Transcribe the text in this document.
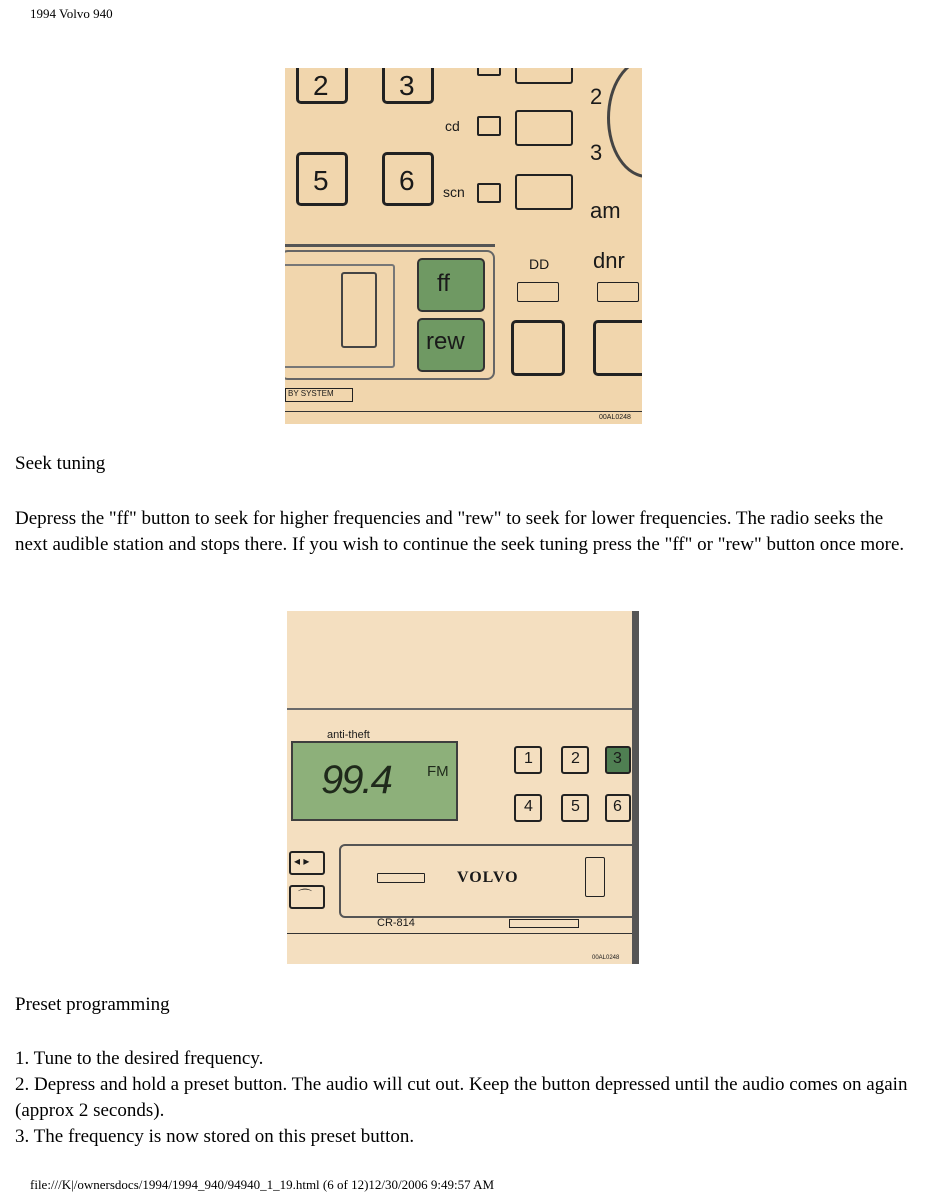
1994 Volvo 940
2	3
5	6
cd
scn
2
3
am
ff
rew
DD dnr
BY SYSTEM
00AL0248

Seek tuning

Depress the "ff" button to seek for higher frequencies and "rew" to seek for lower frequencies. The radio seeks the next audible station and stops there. If you wish to continue the seek tuning press the "ff" or "rew" button once more.

anti-theft
99.4 FM
1 2 3
4 5 6
◂ ▸
⌒
VOLVO
CR-814
00AL0248

Preset programming

1. Tune to the desired frequency.

2. Depress and hold a preset button. The audio will cut out. Keep the button depressed until the audio comes on again (approx 2 seconds).

3. The frequency is now stored on this preset button.

file:///K|/ownersdocs/1994/1994_940/94940_1_19.html (6 of 12)12/30/2006 9:49:57 AM
